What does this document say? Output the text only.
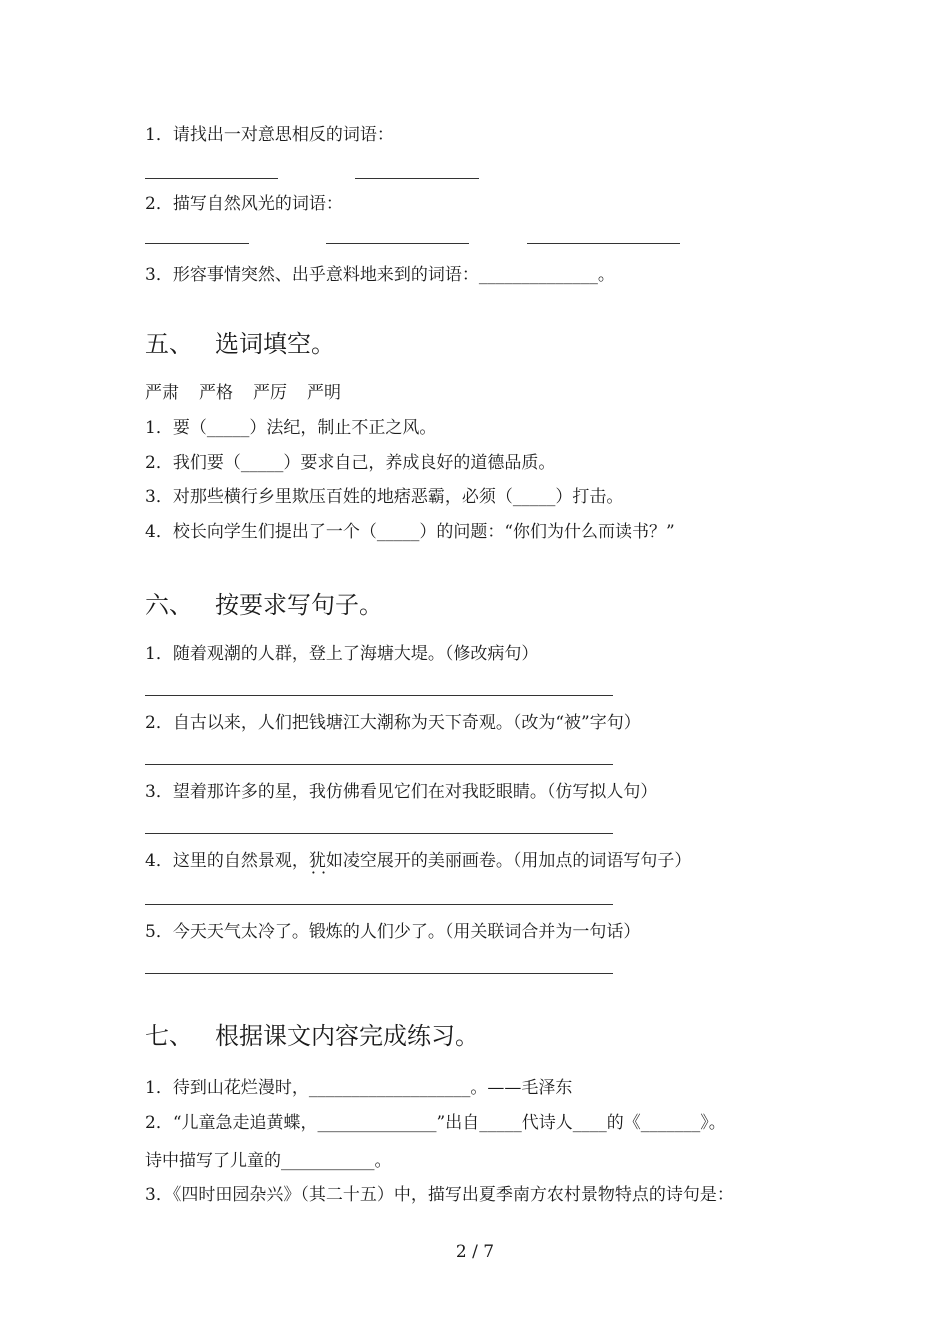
1．请找出一对意思相反的词语：
2．描写自然风光的词语：
3．形容事情突然、出乎意料地来到的词语：______________。
五、 选词填空。
严肃 严格 严厉 严明
1．要（_____）法纪，制止不正之风。
2．我们要（_____）要求自己，养成良好的道德品质。
3．对那些横行乡里欺压百姓的地痞恶霸，必须（_____）打击。
4．校长向学生们提出了一个（_____）的问题：“你们为什么而读书？”
六、 按要求写句子。
1．随着观潮的人群，登上了海塘大堤。（修改病句）
2．自古以来，人们把钱塘江大潮称为天下奇观。（改为“被”字句）
3．望着那许多的星，我仿佛看见它们在对我眨眼睛。（仿写拟人句）
4．这里的自然景观，犹如 · ·凌空展开的美丽画卷。（用加点的词语写句子）
5．今天天气太冷了。锻炼的人们少了。（用关联词合并为一句话）
七、 根据课文内容完成练习。
1．待到山花烂漫时，___________________。——毛泽东
2．“儿童急走追黄蝶，______________”出自_____代诗人____的《_______》。
诗中描写了儿童的___________。
3．《四时田园杂兴》（其二十五）中，描写出夏季南方农村景物特点的诗句是：
2 / 7
